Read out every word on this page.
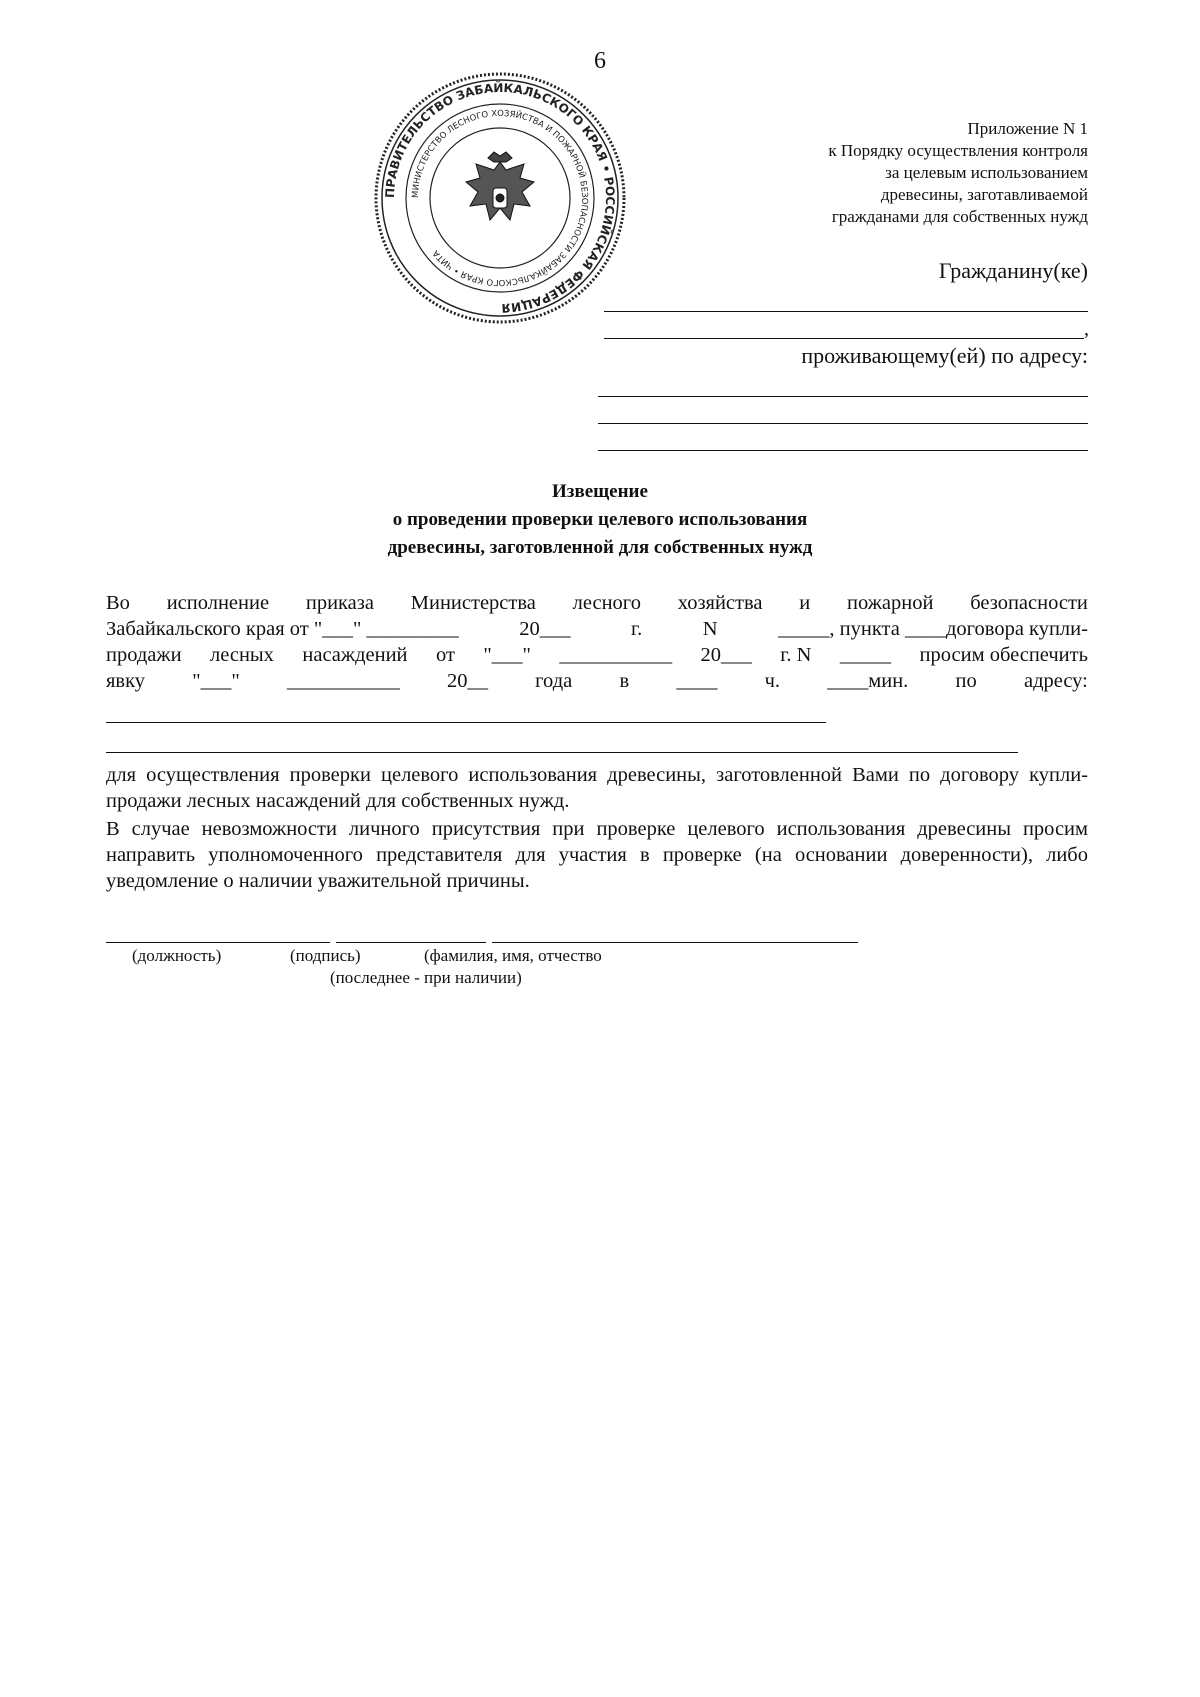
6
ПРАВИТЕЛЬСТВО ЗАБАЙКАЛЬСКОГО КРАЯ • РОССИЙСКАЯ ФЕДЕРАЦИЯ
МИНИСТЕРСТВО ЛЕСНОГО ХОЗЯЙСТВА И ПОЖАРНОЙ БЕЗОПАСНОСТИ ЗАБАЙКАЛЬСКОГО КРАЯ • ЧИТА
Приложение N 1
к Порядку осуществления контроля
за целевым использованием
древесины, заготавливаемой
гражданами для собственных нужд
Гражданину(ке)
,
проживающему(ей) по адресу:
Извещение
о проведении проверки целевого использования
древесины, заготовленной для собственных нужд
Во исполнение приказа Министерства лесного хозяйства и пожарной безопасности
Забайкальского края от "___" _________	20___	г.	N	_____, пункта ____договора купли-
продажи лесных насаждений от "___" ___________ 20___ г. N _____ просим обеспечить
явку "___" ___________ 20__ года в ____ ч. ____мин. по адресу:
для осуществления проверки целевого использования древесины, заготовленной Вами по договору купли-продажи лесных насаждений для собственных нужд.
В случае невозможности личного присутствия при проверке целевого использования древесины просим направить уполномоченного представителя для участия в проверке (на основании доверенности), либо уведомление о наличии уважительной причины.
(должность)	(подпись)	(фамилия, имя, отчество
(последнее - при наличии)
